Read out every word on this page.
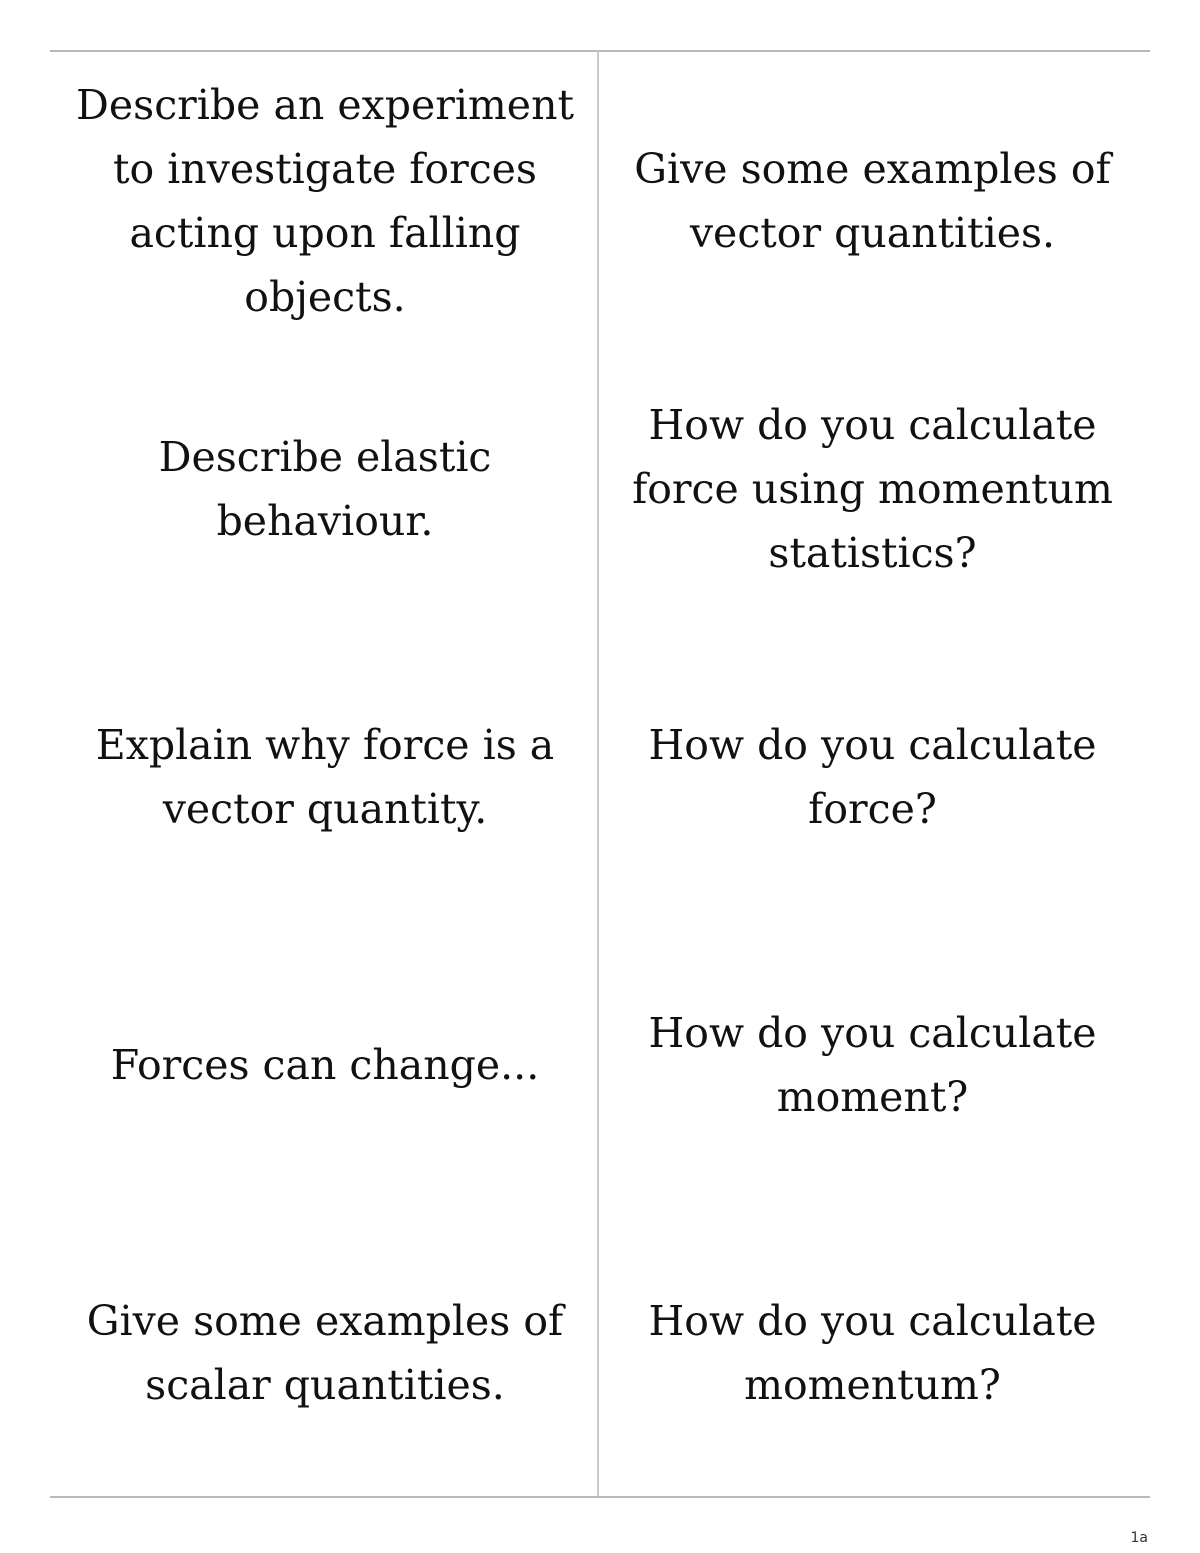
Describe an experiment to investigate forces acting upon falling objects.
Give some examples of vector quantities.
Describe elastic behaviour.
How do you calculate force using momentum statistics?
Explain why force is a vector quantity.
How do you calculate force?
Forces can change...
How do you calculate moment?
Give some examples of scalar quantities.
How do you calculate momentum?
1a
